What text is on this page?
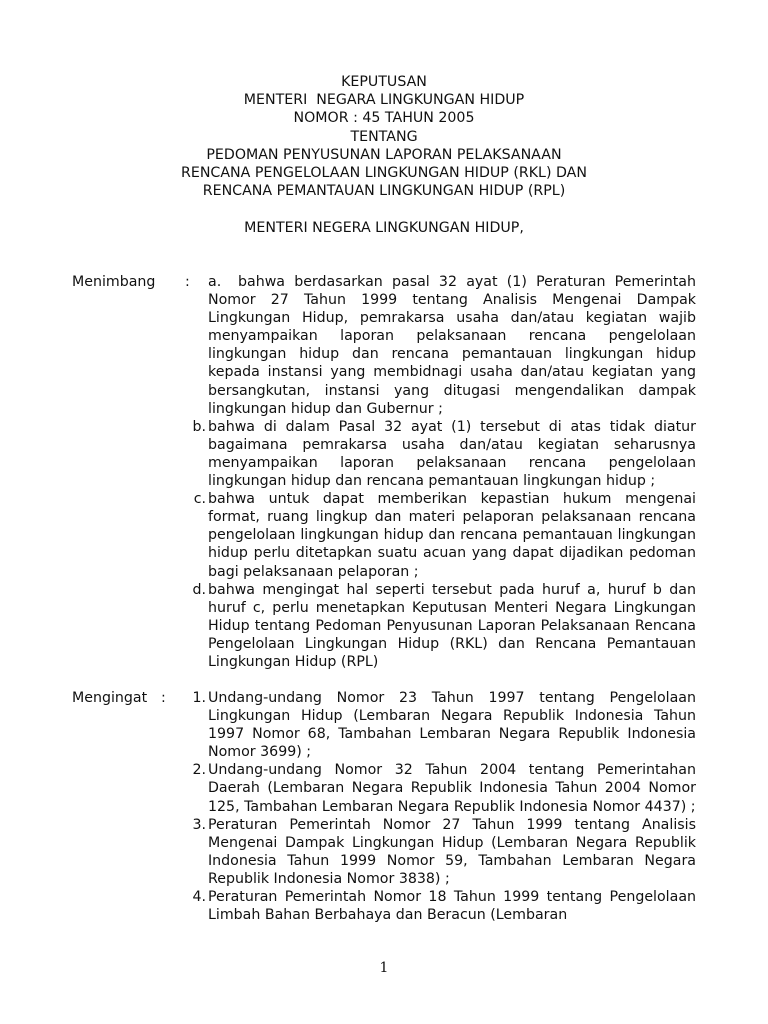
KEPUTUSAN
MENTERI  NEGARA LINGKUNGAN HIDUP
NOMOR : 45 TAHUN 2005
TENTANG
PEDOMAN PENYUSUNAN LAPORAN PELAKSANAAN
RENCANA PENGELOLAAN LINGKUNGAN HIDUP (RKL) DAN
RENCANA PEMANTAUAN LINGKUNGAN HIDUP (RPL)
MENTERI NEGERA LINGKUNGAN HIDUP,
Menimbang : a.	bahwa berdasarkan pasal 32 ayat (1) Peraturan Pemerintah Nomor 27 Tahun 1999 tentang Analisis Mengenai Dampak Lingkungan Hidup, pemrakarsa usaha dan/atau kegiatan wajib menyampaikan laporan pelaksanaan rencana pengelolaan lingkungan hidup dan rencana pemantauan lingkungan hidup kepada instansi yang membidnagi usaha dan/atau kegiatan yang bersangkutan, instansi yang ditugasi mengendalikan dampak lingkungan hidup dan Gubernur ;
b. bahwa di dalam Pasal 32 ayat (1) tersebut di atas tidak diatur bagaimana pemrakarsa usaha dan/atau kegiatan seharusnya menyampaikan laporan pelaksanaan rencana pengelolaan lingkungan hidup dan rencana pemantauan lingkungan hidup ;
c. bahwa untuk dapat memberikan kepastian hukum mengenai format, ruang lingkup dan materi pelaporan pelaksanaan rencana pengelolaan lingkungan hidup dan rencana pemantauan lingkungan hidup perlu ditetapkan suatu acuan yang dapat dijadikan pedoman bagi pelaksanaan pelaporan ;
d. bahwa mengingat hal seperti tersebut pada huruf a, huruf b dan huruf c, perlu menetapkan Keputusan Menteri Negara Lingkungan Hidup tentang Pedoman Penyusunan Laporan Pelaksanaan Rencana Pengelolaan Lingkungan Hidup (RKL) dan Rencana Pemantauan Lingkungan Hidup (RPL)
Mengingat :	1. Undang-undang Nomor 23 Tahun 1997 tentang Pengelolaan Lingkungan Hidup (Lembaran Negara Republik Indonesia Tahun 1997 Nomor 68, Tambahan Lembaran Negara Republik Indonesia Nomor 3699) ;
2. Undang-undang Nomor 32 Tahun 2004 tentang Pemerintahan Daerah (Lembaran Negara Republik Indonesia Tahun 2004 Nomor 125, Tambahan Lembaran Negara Republik Indonesia Nomor 4437) ;
3. Peraturan Pemerintah Nomor 27 Tahun 1999 tentang Analisis Mengenai Dampak Lingkungan Hidup (Lembaran Negara Republik Indonesia Tahun 1999 Nomor 59, Tambahan Lembaran Negara Republik Indonesia Nomor 3838) ;
4. Peraturan Pemerintah Nomor 18 Tahun 1999 tentang Pengelolaan Limbah Bahan Berbahaya dan Beracun (Lembaran
1
